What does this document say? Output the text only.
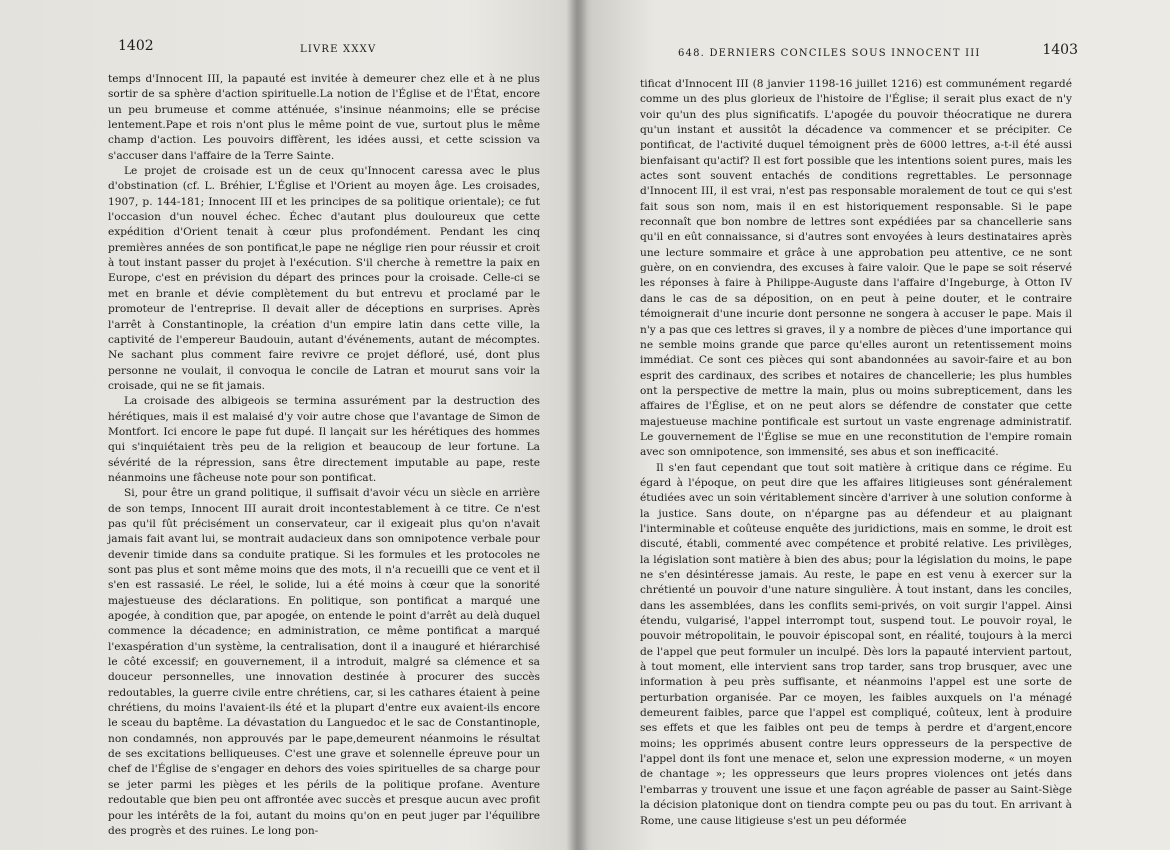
1402	LIVRE XXXV

temps d'Innocent III, la papauté est invitée à demeurer chez elle et à ne plus sortir de sa sphère d'action spirituelle.La notion de l'Église et de l'État, encore un peu brumeuse et comme atténuée, s'insinue néanmoins; elle se précise lentement.Pape et rois n'ont plus le même point de vue, surtout plus le même champ d'action. Les pouvoirs diffèrent, les idées aussi, et cette scission va s'accuser dans l'affaire de la Terre Sainte.

Le projet de croisade est un de ceux qu'Innocent caressa avec le plus d'obstination (cf. L. Bréhier, L'Église et l'Orient au moyen âge. Les croisades, 1907, p. 144-181; Innocent III et les principes de sa politique orientale); ce fut l'occasion d'un nouvel échec. Échec d'autant plus douloureux que cette expédition d'Orient tenait à cœur plus profondément. Pendant les cinq premières années de son pontificat,le pape ne néglige rien pour réussir et croit à tout instant passer du projet à l'exécution. S'il cherche à remettre la paix en Europe, c'est en prévision du départ des princes pour la croisade. Celle-ci se met en branle et dévie complètement du but entrevu et proclamé par le promoteur de l'entreprise. Il devait aller de déceptions en surprises. Après l'arrêt à Constantinople, la création d'un empire latin dans cette ville, la captivité de l'empereur Baudouin, autant d'événements, autant de mécomptes. Ne sachant plus comment faire revivre ce projet défloré, usé, dont plus personne ne voulait, il convoqua le concile de Latran et mourut sans voir la croisade, qui ne se fit jamais.

La croisade des albigeois se termina assurément par la destruction des hérétiques, mais il est malaisé d'y voir autre chose que l'avantage de Simon de Montfort. Ici encore le pape fut dupé. Il lançait sur les hérétiques des hommes qui s'inquiétaient très peu de la religion et beaucoup de leur fortune. La sévérité de la répression, sans être directement imputable au pape, reste néanmoins une fâcheuse note pour son pontificat.

Si, pour être un grand politique, il suffisait d'avoir vécu un siècle en arrière de son temps, Innocent III aurait droit incontestablement à ce titre. Ce n'est pas qu'il fût précisément un conservateur, car il exigeait plus qu'on n'avait jamais fait avant lui, se montrait audacieux dans son omnipotence verbale pour devenir timide dans sa conduite pratique. Si les formules et les protocoles ne sont pas plus et sont même moins que des mots, il n'a recueilli que ce vent et il s'en est rassasié. Le réel, le solide, lui a été moins à cœur que la sonorité majestueuse des déclarations. En politique, son pontificat a marqué une apogée, à condition que, par apogée, on entende le point d'arrêt au delà duquel commence la décadence; en administration, ce même pontificat a marqué l'exaspération d'un système, la centralisation, dont il a inauguré et hiérarchisé le côté excessif; en gouvernement, il a introduit, malgré sa clémence et sa douceur personnelles, une innovation destinée à procurer des succès redoutables, la guerre civile entre chrétiens, car, si les cathares étaient à peine chrétiens, du moins l'avaient-ils été et la plupart d'entre eux avaient-ils encore le sceau du baptême. La dévastation du Languedoc et le sac de Constantinople, non condamnés, non approuvés par le pape,demeurent néanmoins le résultat de ses excitations belliqueuses. C'est une grave et solennelle épreuve pour un chef de l'Église de s'engager en dehors des voies spirituelles de sa charge pour se jeter parmi les pièges et les périls de la politique profane. Aventure redoutable que bien peu ont affrontée avec succès et presque aucun avec profit pour les intérêts de la foi, autant du moins qu'on en peut juger par l'équilibre des progrès et des ruines. Le long pon-

648. DERNIERS CONCILES SOUS INNOCENT III	1403

tificat d'Innocent III (8 janvier 1198-16 juillet 1216) est communément regardé comme un des plus glorieux de l'histoire de l'Église; il serait plus exact de n'y voir qu'un des plus significatifs. L'apogée du pouvoir théocratique ne durera qu'un instant et aussitôt la décadence va commencer et se précipiter. Ce pontificat, de l'activité duquel témoignent près de 6000 lettres, a-t-il été aussi bienfaisant qu'actif? Il est fort possible que les intentions soient pures, mais les actes sont souvent entachés de conditions regrettables. Le personnage d'Innocent III, il est vrai, n'est pas responsable moralement de tout ce qui s'est fait sous son nom, mais il en est historiquement responsable. Si le pape reconnaît que bon nombre de lettres sont expédiées par sa chancellerie sans qu'il en eût connaissance, si d'autres sont envoyées à leurs destinataires après une lecture sommaire et grâce à une approbation peu attentive, ce ne sont guère, on en conviendra, des excuses à faire valoir. Que le pape se soit réservé les réponses à faire à Philippe-Auguste dans l'affaire d'Ingeburge, à Otton IV dans le cas de sa déposition, on en peut à peine douter, et le contraire témoignerait d'une incurie dont personne ne songera à accuser le pape. Mais il n'y a pas que ces lettres si graves, il y a nombre de pièces d'une importance qui ne semble moins grande que parce qu'elles auront un retentissement moins immédiat. Ce sont ces pièces qui sont abandonnées au savoir-faire et au bon esprit des cardinaux, des scribes et notaires de chancellerie; les plus humbles ont la perspective de mettre la main, plus ou moins subrepticement, dans les affaires de l'Église, et on ne peut alors se défendre de constater que cette majestueuse machine pontificale est surtout un vaste engrenage administratif. Le gouvernement de l'Église se mue en une reconstitution de l'empire romain avec son omnipotence, son immensité, ses abus et son inefficacité.

Il s'en faut cependant que tout soit matière à critique dans ce régime. Eu égard à l'époque, on peut dire que les affaires litigieuses sont généralement étudiées avec un soin véritablement sincère d'arriver à une solution conforme à la justice. Sans doute, on n'épargne pas au défendeur et au plaignant l'interminable et coûteuse enquête des juridictions, mais en somme, le droit est discuté, établi, commenté avec compétence et probité relative. Les privilèges, la législation sont matière à bien des abus; pour la législation du moins, le pape ne s'en désintéresse jamais. Au reste, le pape en est venu à exercer sur la chrétienté un pouvoir d'une nature singulière. À tout instant, dans les conciles, dans les assemblées, dans les conflits semi-privés, on voit surgir l'appel. Ainsi étendu, vulgarisé, l'appel interrompt tout, suspend tout. Le pouvoir royal, le pouvoir métropolitain, le pouvoir épiscopal sont, en réalité, toujours à la merci de l'appel que peut formuler un inculpé. Dès lors la papauté intervient partout, à tout moment, elle intervient sans trop tarder, sans trop brusquer, avec une information à peu près suffisante, et néanmoins l'appel est une sorte de perturbation organisée. Par ce moyen, les faibles auxquels on l'a ménagé demeurent faibles, parce que l'appel est compliqué, coûteux, lent à produire ses effets et que les faibles ont peu de temps à perdre et d'argent,encore moins; les opprimés abusent contre leurs oppresseurs de la perspective de l'appel dont ils font une menace et, selon une expression moderne, « un moyen de chantage »; les oppresseurs que leurs propres violences ont jetés dans l'embarras y trouvent une issue et une façon agréable de passer au Saint-Siège la décision platonique dont on tiendra compte peu ou pas du tout. En arrivant à Rome, une cause litigieuse s'est un peu déformée
